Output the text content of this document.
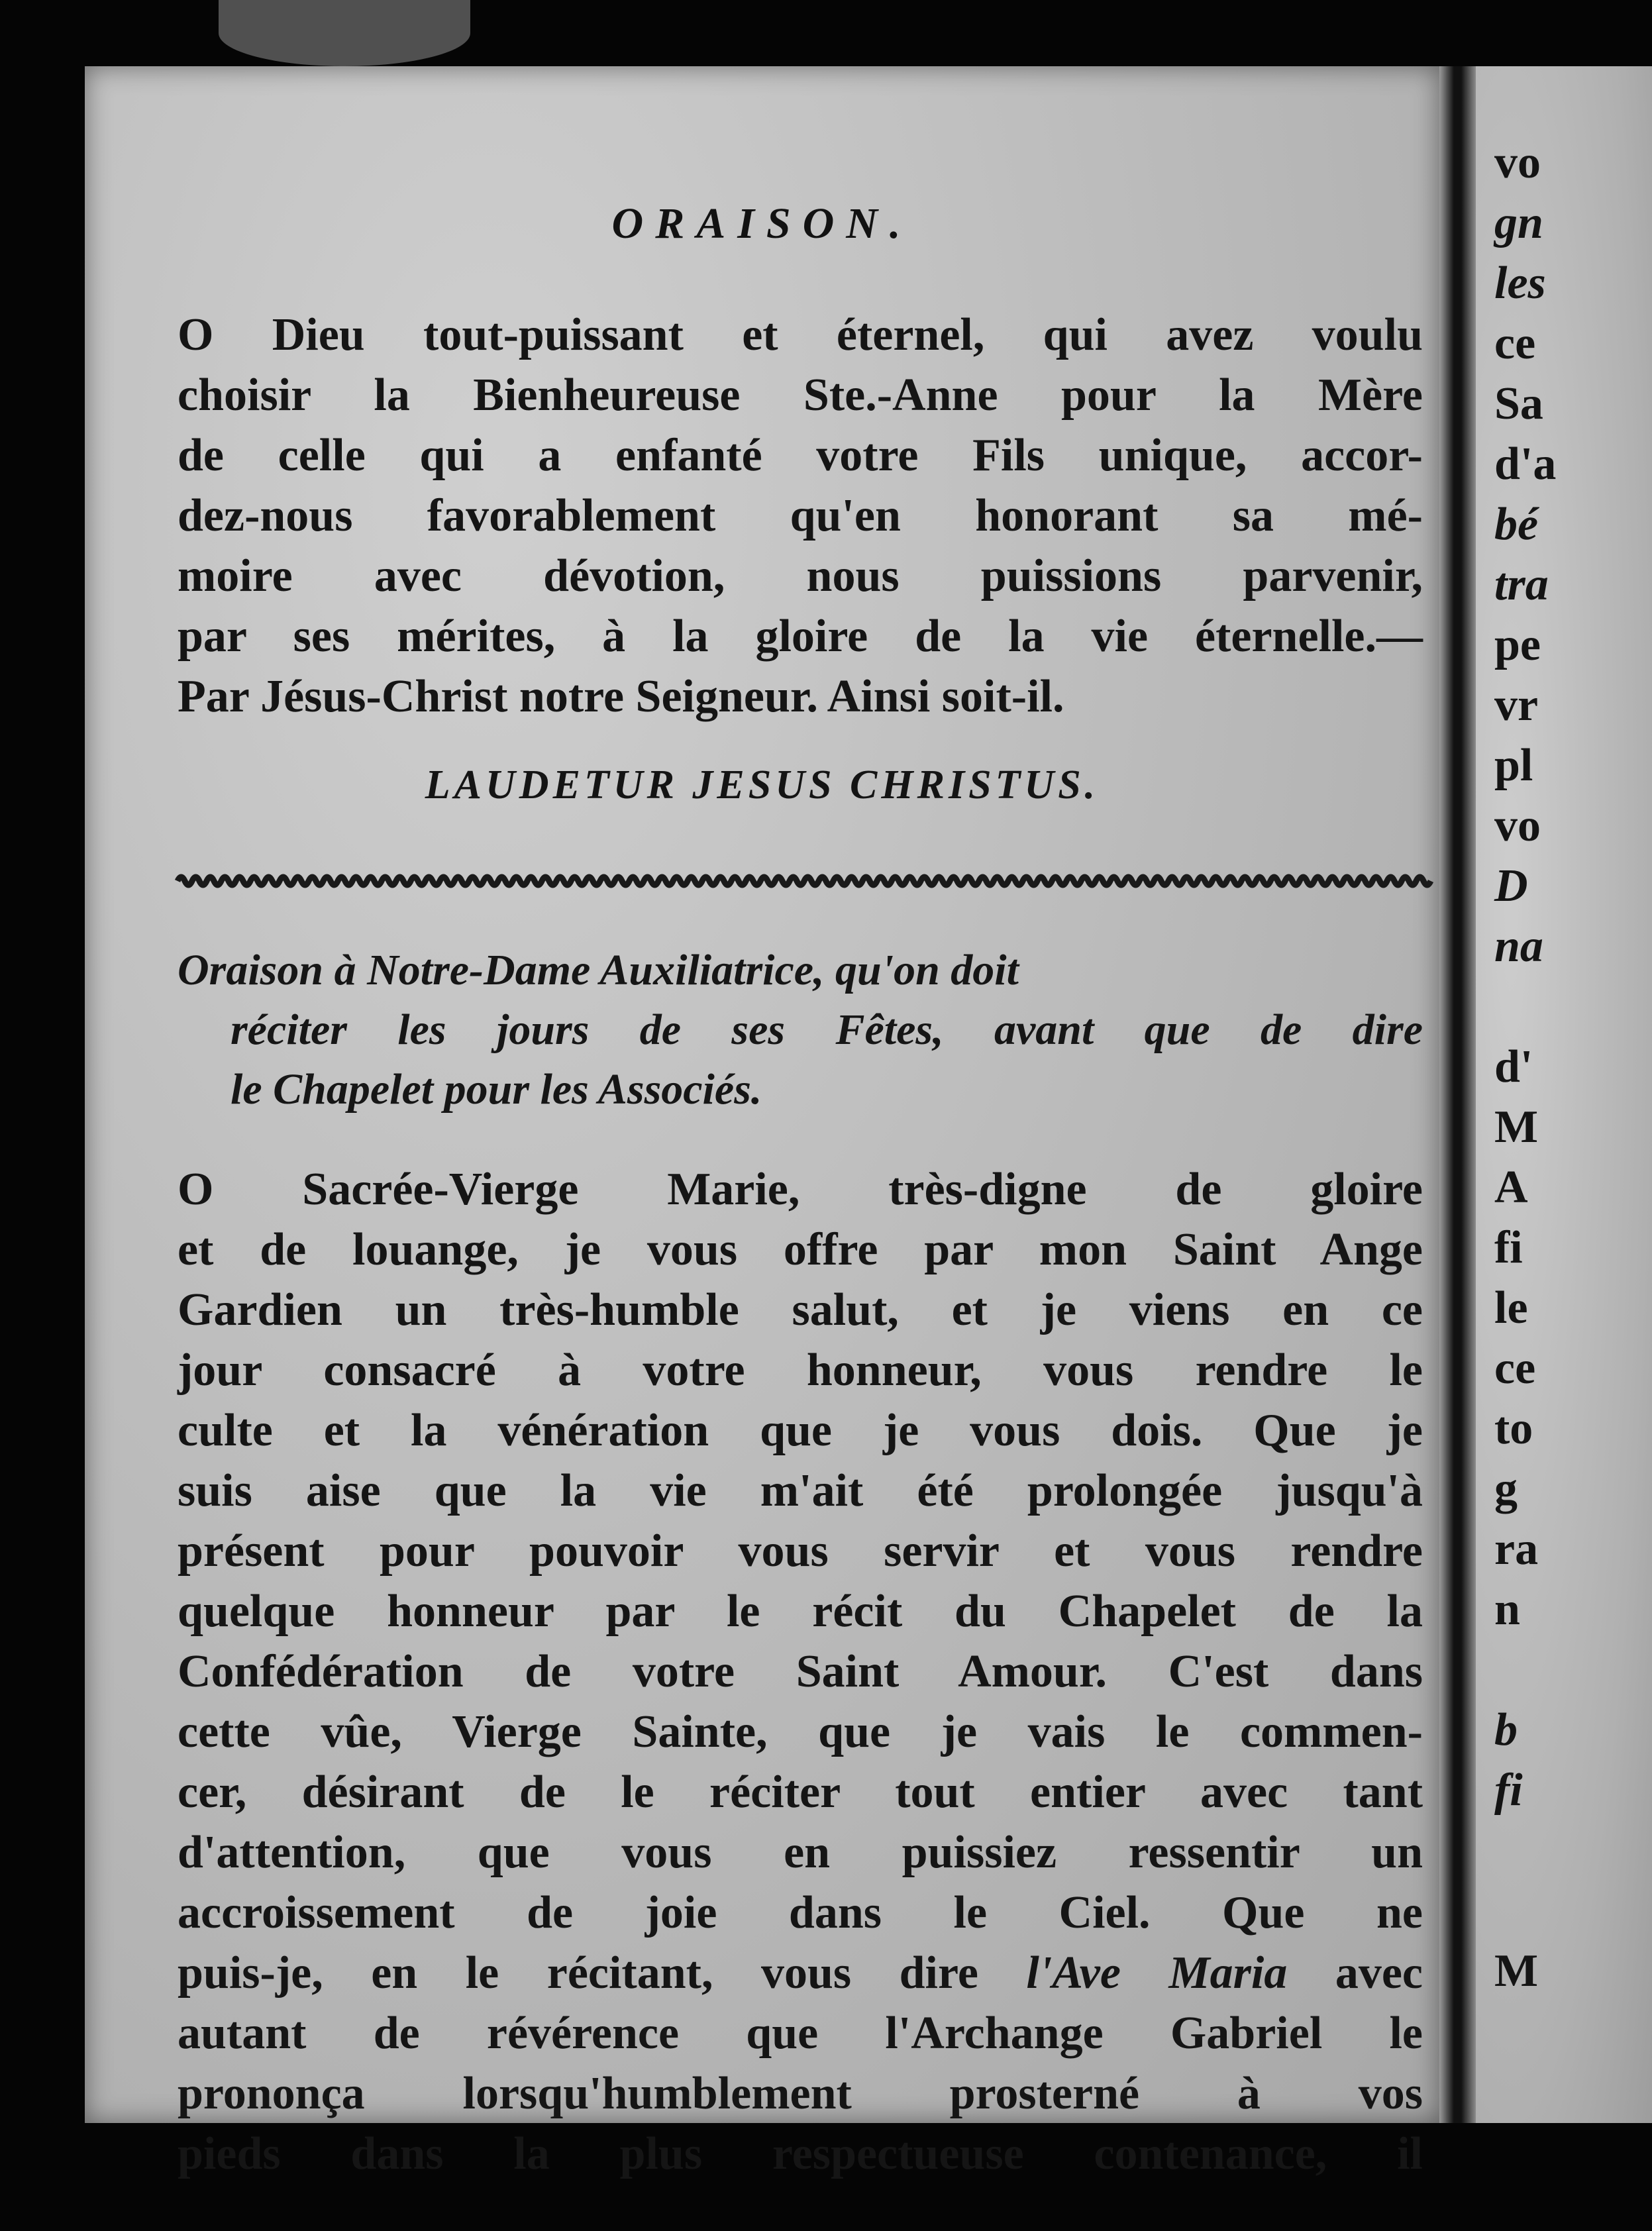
ORAISON.
O Dieu tout-puissant et éternel, qui avez voulu
choisir la Bienheureuse Ste.-Anne pour la Mère
de celle qui a enfanté votre Fils unique, accor-
dez-nous favorablement qu'en honorant sa mé-
moire avec dévotion, nous puissions parvenir,
par ses mérites, à la gloire de la vie éternelle.—
Par Jésus-Christ notre Seigneur. Ainsi soit-il.
LAUDETUR JESUS CHRISTUS.
Oraison à Notre-Dame Auxiliatrice, qu'on doit
réciter les jours de ses Fêtes, avant que de dire
le Chapelet pour les Associés.
O Sacrée-Vierge Marie, très-digne de gloire
et de louange, je vous offre par mon Saint Ange
Gardien un très-humble salut, et je viens en ce
jour consacré à votre honneur, vous rendre le
culte et la vénération que je vous dois. Que je
suis aise que la vie m'ait été prolongée jusqu'à
présent pour pouvoir vous servir et vous rendre
quelque honneur par le récit du Chapelet de la
Confédération de votre Saint Amour. C'est dans
cette vûe, Vierge Sainte, que je vais le commen-
cer, désirant de le réciter tout entier avec tant
d'attention, que vous en puissiez ressentir un
accroissement de joie dans le Ciel. Que ne
puis-je, en le récitant, vous dire l'Ave Maria avec
autant de révérence que l'Archange Gabriel le
prononça lorsqu'humblement prosterné à vos
pieds dans la plus respectueuse contenance, il
vo
gn
les
ce
Sa
d'a
bé
tra
pe
vr
pl
vo
D
na

d'
M
A
fi
le
ce
to
g
ra
n

b
fi

M
